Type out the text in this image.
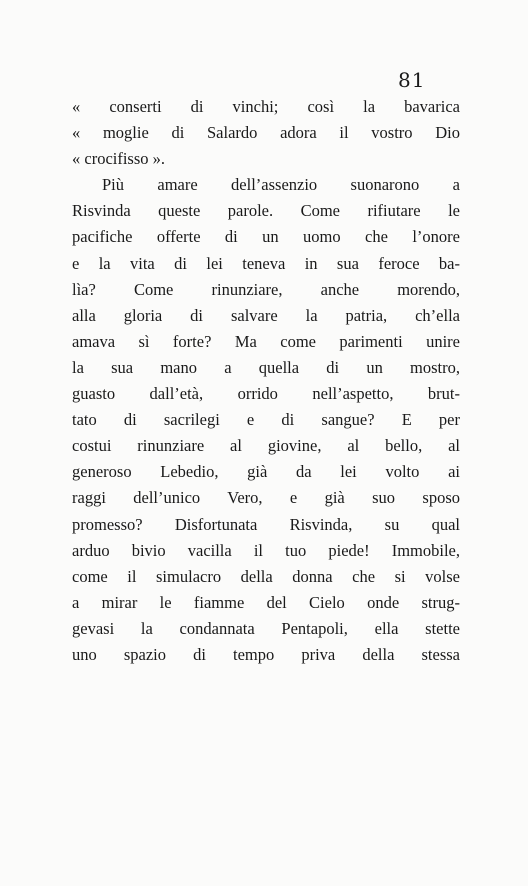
81
« conserti di vinchi; così la bavarica
« moglie di Salardo adora il vostro Dio
« crocifisso ».
Più amare dell’assenzio suonarono a
Risvinda queste parole. Come rifiutare le
pacifiche offerte di un uomo che l’onore
e la vita di lei teneva in sua feroce ba-
lìa? Come rinunziare, anche morendo,
alla gloria di salvare la patria, ch’ella
amava sì forte? Ma come parimenti unire
la sua mano a quella di un mostro,
guasto dall’età, orrido nell’aspetto, brut-
tato di sacrilegi e di sangue? E per
costui rinunziare al giovine, al bello, al
generoso Lebedio, già da lei volto ai
raggi dell’unico Vero, e già suo sposo
promesso? Disfortunata Risvinda, su qual
arduo bivio vacilla il tuo piede! Immobile,
come il simulacro della donna che si volse
a mirar le fiamme del Cielo onde strug-
gevasi la condannata Pentapoli, ella stette
uno spazio di tempo priva della stessa
